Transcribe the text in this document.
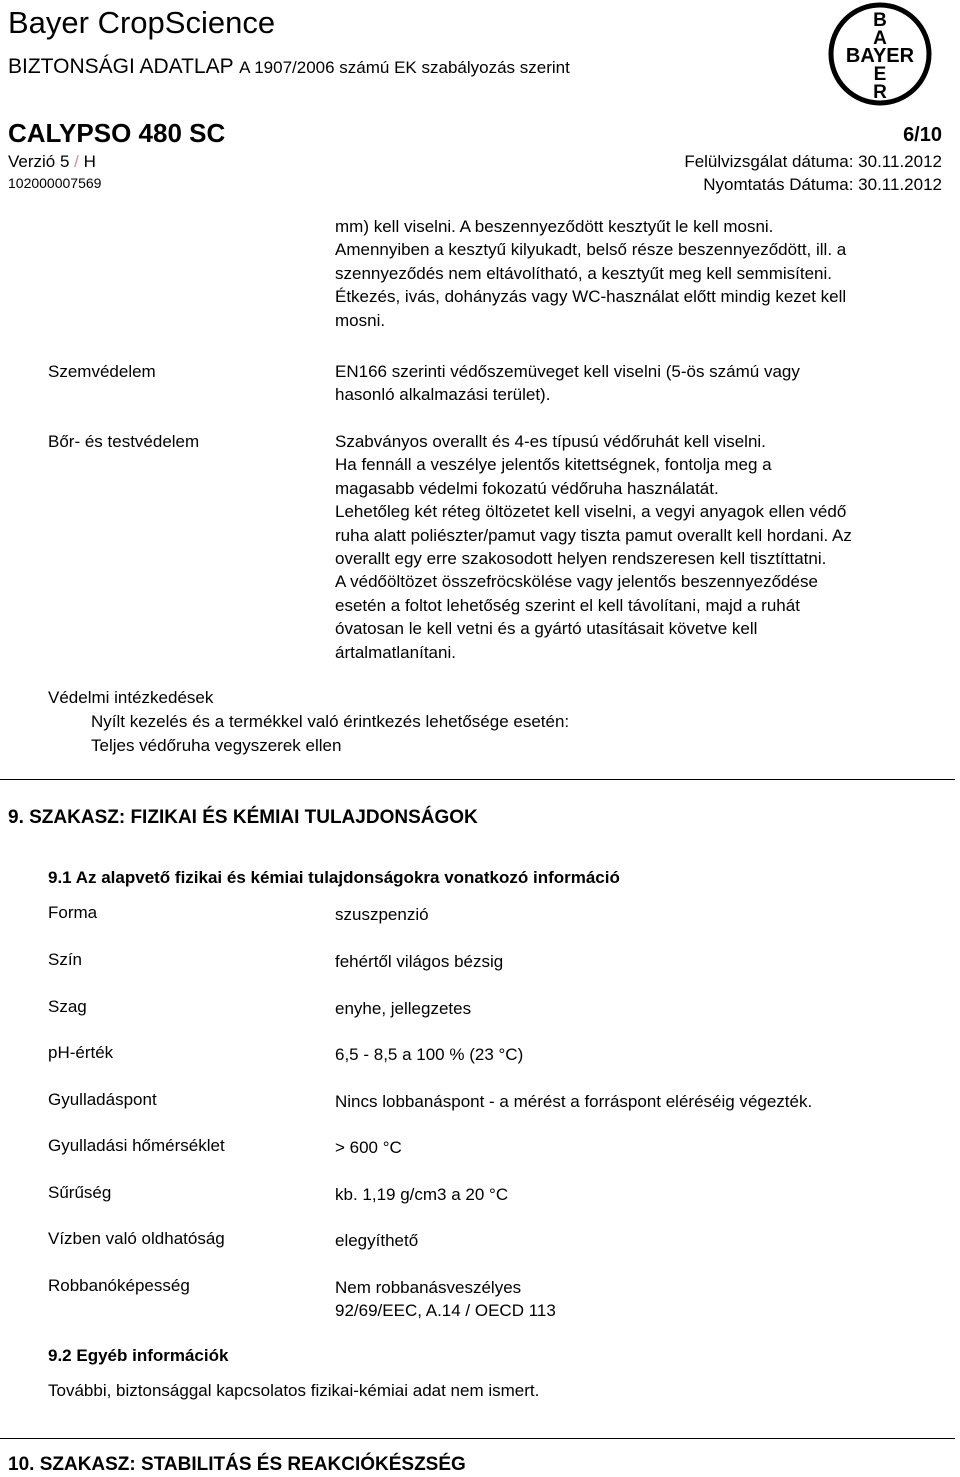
Bayer CropScience
BIZTONSÁGI ADATLAP A 1907/2006 számú EK szabályozás szerint
B
A
BAYER
E
R
CALYPSO 480 SC	6/10
Verzió 5 / H	Felülvizsgálat dátuma: 30.11.2012
102000007569	Nyomtatás Dátuma: 30.11.2012

mm) kell viselni. A beszennyeződött kesztyűt le kell mosni.

Amennyiben a kesztyű kilyukadt, belső része beszennyeződött, ill. a

szennyeződés nem eltávolítható, a kesztyűt meg kell semmisíteni.

Étkezés, ivás, dohányzás vagy WC-használat előtt mindig kezet kell

mosni.

Szemvédelem	EN166 szerinti védőszemüveget kell viselni (5-ös számú vagy

hasonló alkalmazási terület).

Bőr- és testvédelem	Szabványos overallt és 4-es típusú védőruhát kell viselni.

Ha fennáll a veszélye jelentős kitettségnek, fontolja meg a

magasabb védelmi fokozatú védőruha használatát.

Lehetőleg két réteg öltözetet kell viselni, a vegyi anyagok ellen védő

ruha alatt poliészter/pamut vagy tiszta pamut overallt kell hordani. Az

overallt egy erre szakosodott helyen rendszeresen kell tisztíttatni.

A védőöltözet összefröcskölése vagy jelentős beszennyeződése

esetén a foltot lehetőség szerint el kell távolítani, majd a ruhát

óvatosan le kell vetni és a gyártó utasításait követve kell

ártalmatlanítani.

Védelmi intézkedések
Nyílt kezelés és a termékkel való érintkezés lehetősége esetén:
Teljes védőruha vegyszerek ellen
9. SZAKASZ: FIZIKAI ÉS KÉMIAI TULAJDONSÁGOK
9.1 Az alapvető fizikai és kémiai tulajdonságokra vonatkozó információ
Forma	szuszpenzió
Szín	fehértől világos bézsig
Szag	enyhe, jellegzetes
pH-érték	6,5 - 8,5 a 100 % (23 °C)
Gyulladáspont	Nincs lobbanáspont - a mérést a forráspont eléréséig végezték.
Gyulladási hőmérséklet	> 600 °C
Sűrűség	kb. 1,19 g/cm3 a 20 °C
Vízben való oldhatóság	elegyíthető
Robbanóképesség	Nem robbanásveszélyes
92/69/EEC, A.14 / OECD 113
9.2 Egyéb információk
További, biztonsággal kapcsolatos fizikai-kémiai adat nem ismert.
10. SZAKASZ: STABILITÁS ÉS REAKCIÓKÉSZSÉG
